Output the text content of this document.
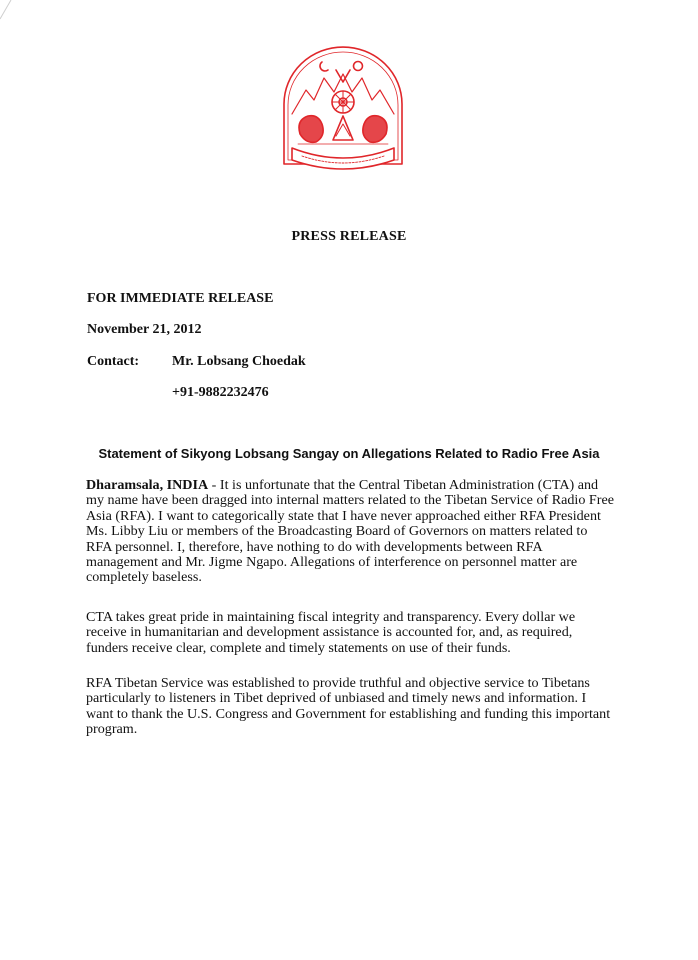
PRESS RELEASE
FOR IMMEDIATE RELEASE
November 21, 2012
Contact: Mr. Lobsang Choedak
+91-9882232476
Statement of Sikyong Lobsang Sangay on Allegations Related to Radio Free Asia

Dharamsala, INDIA - It is unfortunate that the Central Tibetan Administration (CTA) and my name have been dragged into internal matters related to the Tibetan Service of Radio Free Asia (RFA). I want to categorically state that I have never approached either RFA President Ms. Libby Liu or members of the Broadcasting Board of Governors on matters related to RFA personnel. I, therefore, have nothing to do with developments between RFA management and Mr. Jigme Ngapo. Allegations of interference on personnel matter are completely baseless.

CTA takes great pride in maintaining fiscal integrity and transparency. Every dollar we receive in humanitarian and development assistance is accounted for, and, as required, funders receive clear, complete and timely statements on use of their funds.

RFA Tibetan Service was established to provide truthful and objective service to Tibetans particularly to listeners in Tibet deprived of unbiased and timely news and information. I want to thank the U.S. Congress and Government for establishing and funding this important program.
